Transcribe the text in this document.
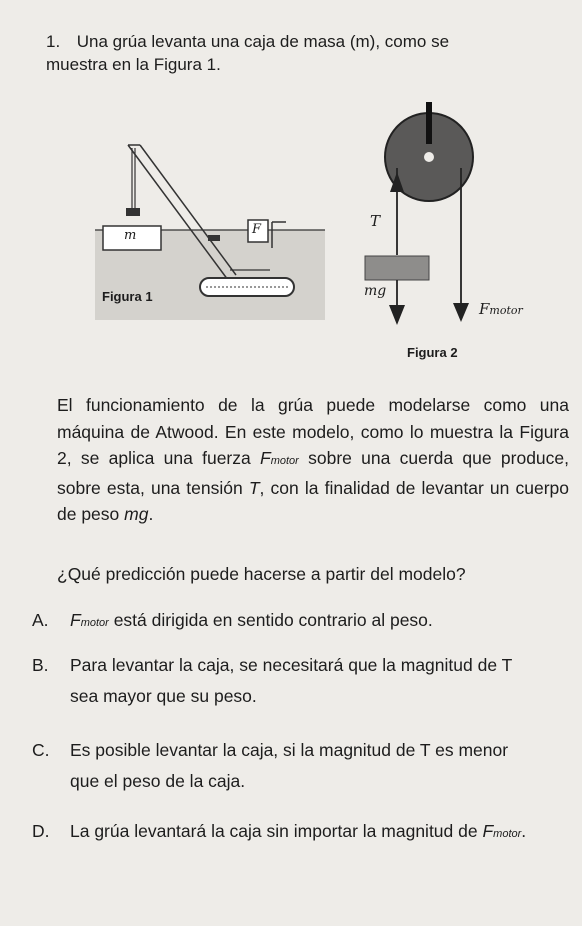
1. Una grúa levanta una caja de masa (m), como se
muestra en la Figura 1.
m	F
Figura 1
T
mg
Fmotor
Figura 2
El funcionamiento de la grúa puede modelarse como una máquina de Atwood. En este modelo, como lo muestra la Figura 2, se aplica una fuerza Fmotor sobre una cuerda que produce, sobre esta, una tensión T, con la finalidad de levantar un cuerpo de peso mg.
¿Qué predicción puede hacerse a partir del modelo?
A. Fmotor está dirigida en sentido contrario al peso.
B. Para levantar la caja, se necesitará que la magnitud de T
sea mayor que su peso.
C. Es posible levantar la caja, si la magnitud de T es menor
que el peso de la caja.
D. La grúa levantará la caja sin importar la magnitud de Fmotor.
